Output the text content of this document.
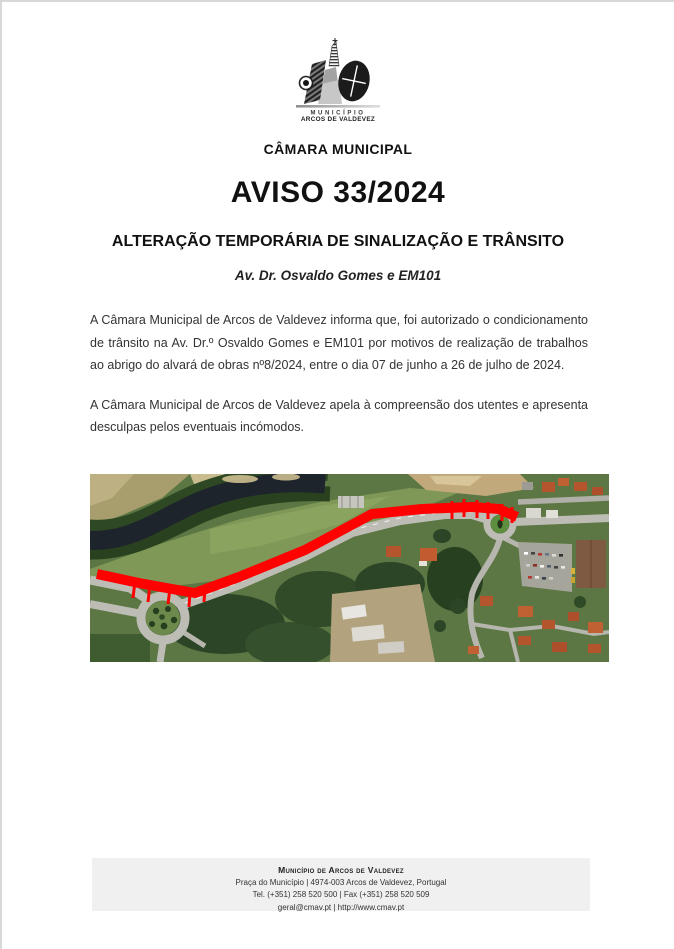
MUNICÍPIO
ARCOS DE VALDEVEZ
CÂMARA MUNICIPAL
AVISO 33/2024
ALTERAÇÃO TEMPORÁRIA DE SINALIZAÇÃO E TRÂNSITO
Av. Dr. Osvaldo Gomes e EM101

A Câmara Municipal de Arcos de Valdevez informa que, foi autorizado o condicionamento de trânsito na Av. Dr.º Osvaldo Gomes e EM101 por motivos de realização de trabalhos ao abrigo do alvará de obras nº8/2024, entre o dia 07 de junho a 26 de julho de 2024.

A Câmara Municipal de Arcos de Valdevez apela à compreensão dos utentes e apresenta desculpas pelos eventuais incómodos.

Município de Arcos de Valdevez
Praça do Município | 4974-003 Arcos de Valdevez, Portugal
Tel. (+351) 258 520 500 | Fax (+351) 258 520 509
geral@cmav.pt | http://www.cmav.pt
